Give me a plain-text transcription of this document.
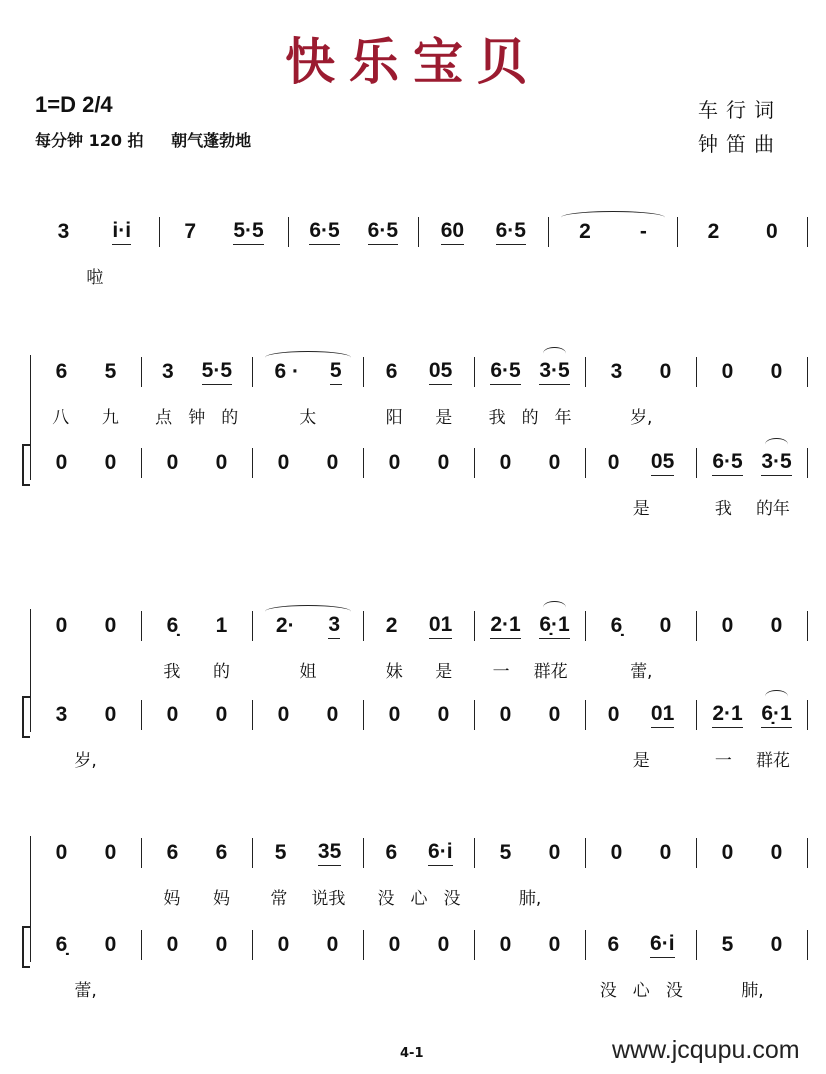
快乐宝贝
1=D 2/4
每分钟 120 拍 朝气蓬勃地
车行词
钟笛曲
3 i·i	7 5·5 6·5 6·5 60 6·5	2 -	2 0
啦
6 5 3 5·5 6 · 5 6 05 6·5 3·5 3 0 0 0
八 九 点 钟 的	太	阳 是 我 的 年	岁,
0 0 0 0 0 0 0 0 0 0 0 05 6·5 3·5
是	我 的年
0 0 6̣ 1 2· 3 2 01 2·1 6̣·1 6̣ 0 0 0
我 的	姐	妹 是 一 群花	蕾,
3 0 0 0 0 0 0 0 0 0 0 01 2·1 6̣·1
岁,	是	一 群花
0 0 6 6 5 35 6 6·i 5 0 0 0 0 0
妈 妈 常 说我 没 心 没	肺,
6̣ 0 0 0 0 0 0 0 0 0 6 6·i 5 0
蕾,	没 心 没	肺,
4-1	www.jcqupu.com
